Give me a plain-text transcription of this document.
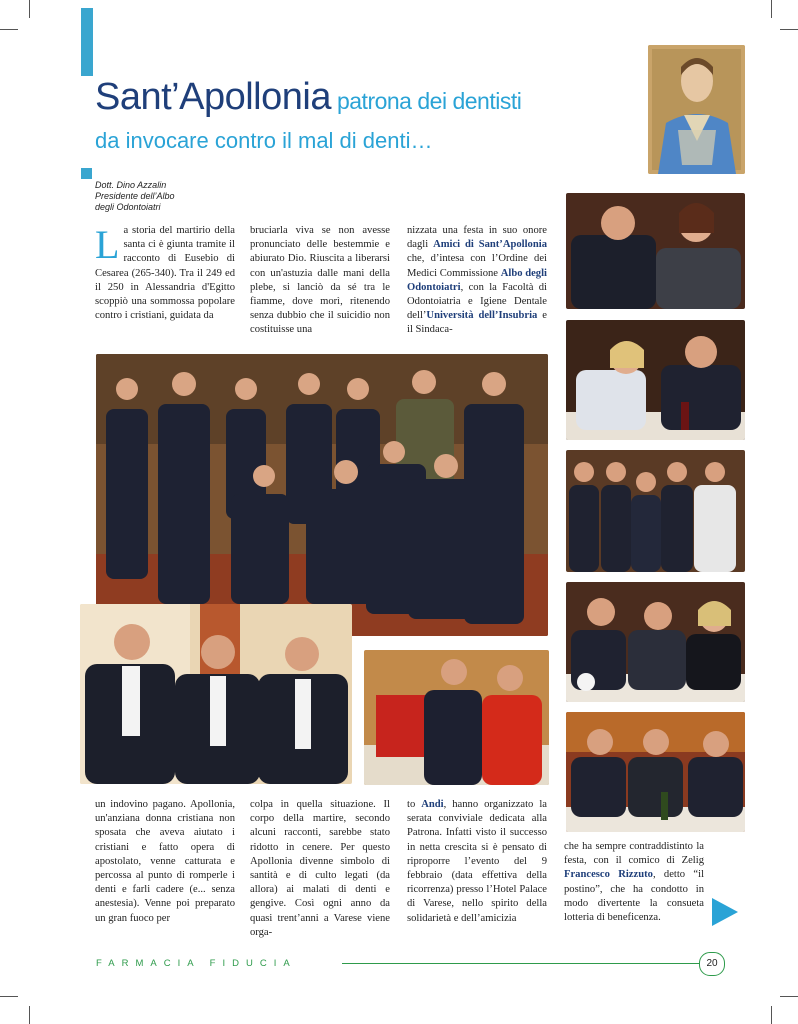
Sant’Apollonia patrona dei dentisti
da invocare contro il mal di denti…
Dott. Dino Azzalin
Presidente dell’Albo
degli Odontoiatri
La storia del martirio della santa ci è giunta tramite il racconto di Eusebio di Cesarea (265-340). Tra il 249 ed il 250 in Alessandria d'Egitto scoppiò una sommossa popolare contro i cristiani, guidata da
bruciarla viva se non avesse pronunciato delle bestemmie e abiurato Dio. Riuscita a liberarsi con un'astuzia dalle mani della plebe, si lanciò da sé tra le fiamme, dove morì, ritenendo senza dubbio che il suicidio non costituisse una
nizzata una festa in suo onore dagli Amici di Sant’Apollonia che, d’intesa con l’Ordine dei Medici Commissione Albo degli Odontoiatri, con la Facoltà di Odontoiatria e Igiene Dentale dell’Università dell’Insubria e il Sindaca-
un indovino pagano. Apollonia, un'anziana donna cristiana non sposata che aveva aiutato i cristiani e fatto opera di apostolato, venne catturata e percossa al punto di romperle i denti e farli cadere (e... senza anestesia). Venne poi preparato un gran fuoco per
colpa in quella situazione. Il corpo della martire, secondo alcuni racconti, sarebbe stato ridotto in cenere. Per questo Apollonia divenne simbolo di santità e di culto legati (da allora) ai malati di denti e gengive. Così ogni anno da quasi trent’anni a Varese viene orga-
to Andi, hanno organizzato la serata conviviale dedicata alla Patrona. Infatti visto il successo in netta crescita si è pensato di riproporre l’evento del 9 febbraio (data effettiva della ricorrenza) presso l’Hotel Palace di Varese, nello spirito della solidarietà e dell’amicizia
che ha sempre contraddistinto la festa, con il comico di Zelig Francesco Rizzuto, detto “il postino”, che ha condotto in modo divertente la consueta lotteria di beneficenza.
FARMACIA FIDUCIA	20
